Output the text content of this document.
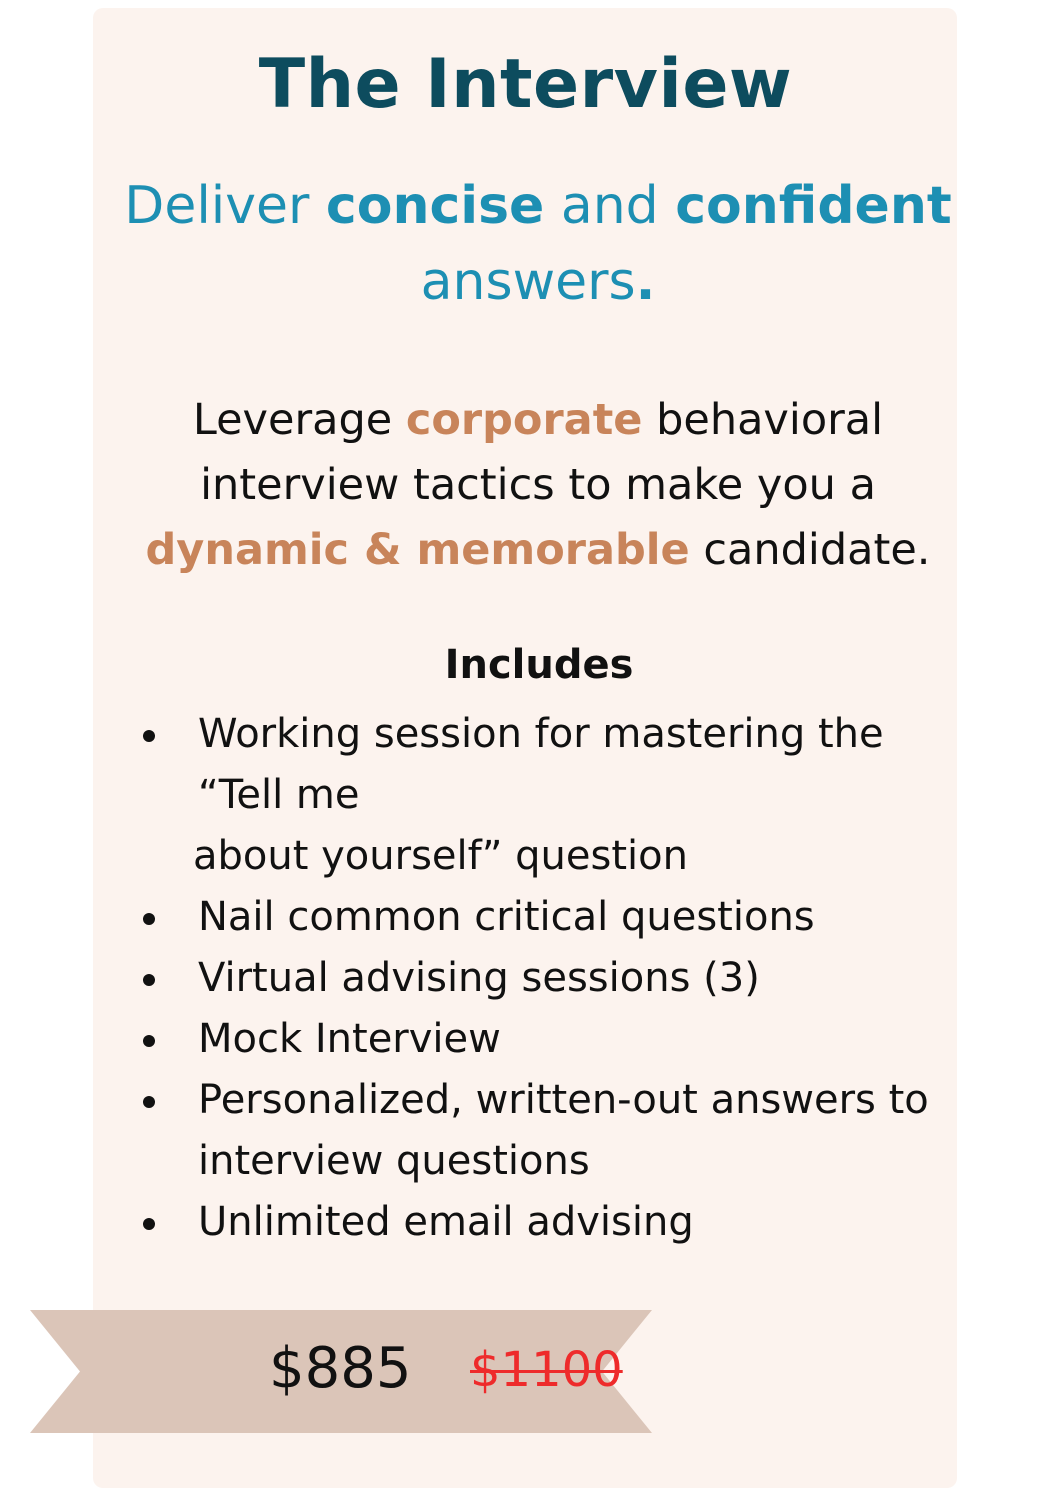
The Interview

Deliver concise and confident
answers.

Leverage corporate behavioral interview tactics to make you a dynamic & memorable candidate.

Includes
Working session for mastering the “Tell me
about yourself” question
Nail common critical questions
Virtual advising sessions (3)
Mock Interview
Personalized, written-out answers to interview questions
Unlimited email advising

$885 $1100
